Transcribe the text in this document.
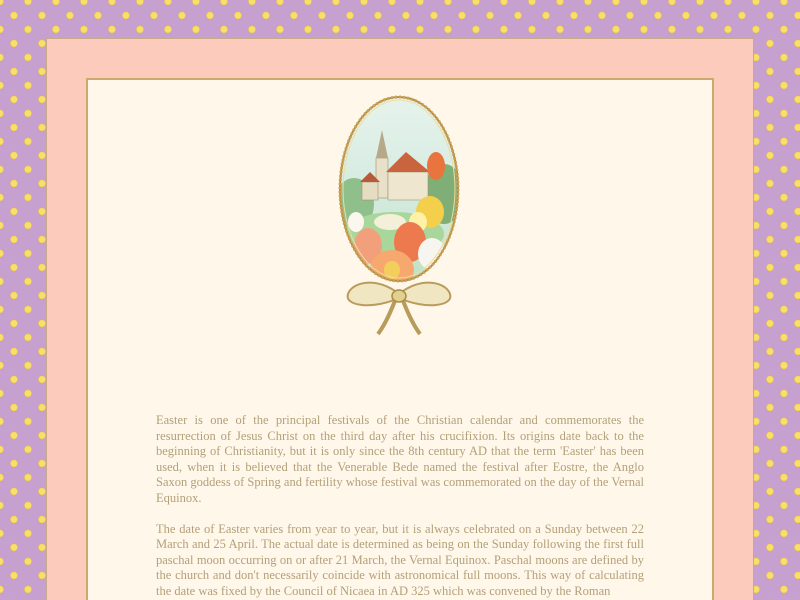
Easter is one of the principal festivals of the Christian calendar and commemorates the resurrection of Jesus Christ on the third day after his crucifixion. Its origins date back to the beginning of Christianity, but it is only since the 8th century AD that the term 'Easter' has been used, when it is believed that the Venerable Bede named the festival after Eostre, the Anglo Saxon goddess of Spring and fertility whose festival was commemorated on the day of the Vernal Equinox.

The date of Easter varies from year to year, but it is always celebrated on a Sunday between 22 March and 25 April. The actual date is determined as being on the Sunday following the first full paschal moon occurring on or after 21 March, the Vernal Equinox. Paschal moons are defined by the church and don't necessarily coincide with astronomical full moons. This way of calculating the date was fixed by the Council of Nicaea in AD 325 which was convened by the Roman
